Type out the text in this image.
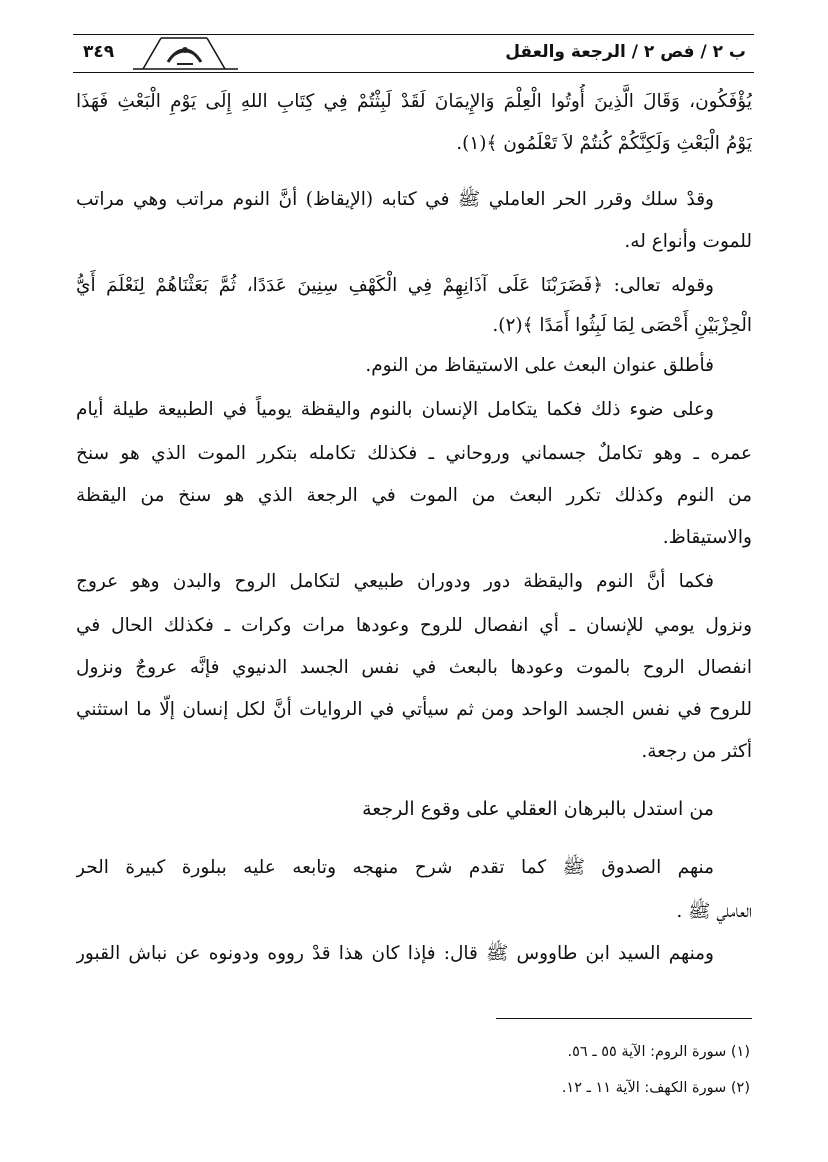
ب ٢ / فص ٢ / الرجعة والعقل
٣٤٩
يُؤْفَكُون، وَقَالَ الَّذِينَ أُوتُوا الْعِلْمَ وَالإِيمَانَ لَقَدْ لَبِثْتُمْ فِي كِتَابِ اللهِ إِلَى يَوْمِ الْبَعْثِ فَهَذَا
يَوْمُ الْبَعْثِ وَلَكِنَّكُمْ كُنتُمْ لاَ تَعْلَمُون ﴾(١).
وقدْ سلك وقرر الحر العاملي ﷺ في كتابه (الإيقاظ) أنَّ النوم مراتب وهي مراتب
للموت وأنواع له.
وقوله تعالى: ﴿فَضَرَبْنَا عَلَى آذَانِهِمْ فِي الْكَهْفِ سِنِينَ عَدَدًا، ثُمَّ بَعَثْنَاهُمْ لِنَعْلَمَ أَيُّ
الْحِزْبَيْنِ أَحْصَى لِمَا لَبِثُوا أَمَدًا ﴾(٢).
فأطلق عنوان البعث على الاستيقاظ من النوم.
وعلى ضوء ذلك فكما يتكامل الإنسان بالنوم واليقظة يومياً في الطبيعة طيلة أيام
عمره ـ وهو تكاملٌ جسماني وروحاني ـ فكذلك تكامله بتكرر الموت الذي هو سنخ
من النوم وكذلك تكرر البعث من الموت في الرجعة الذي هو سنخ من اليقظة
والاستيقاظ.
فكما أنَّ النوم واليقظة دور ودوران طبيعي لتكامل الروح والبدن وهو عروج
ونزول يومي للإنسان ـ أي انفصال للروح وعودها مرات وكرات ـ فكذلك الحال في
انفصال الروح بالموت وعودها بالبعث في نفس الجسد الدنيوي فإنَّه عروجٌ ونزول
للروح في نفس الجسد الواحد ومن ثم سيأتي في الروايات أنَّ لكل إنسان إلّا ما استثني
أكثر من رجعة.
منهم الصدوق ﷺ كما تقدم شرح منهجه وتابعه عليه ببلورة كبيرة الحر
العاملي ﷺ .
ومنهم السيد ابن طاووس ﷺ قال: فإذا كان هذا قدْ رووه ودونوه عن نباش القبور
من استدل بالبرهان العقلي على وقوع الرجعة
(١) سورة الروم: الآية ٥٥ ـ ٥٦.
(٢) سورة الكهف: الآية ١١ ـ ١٢.
